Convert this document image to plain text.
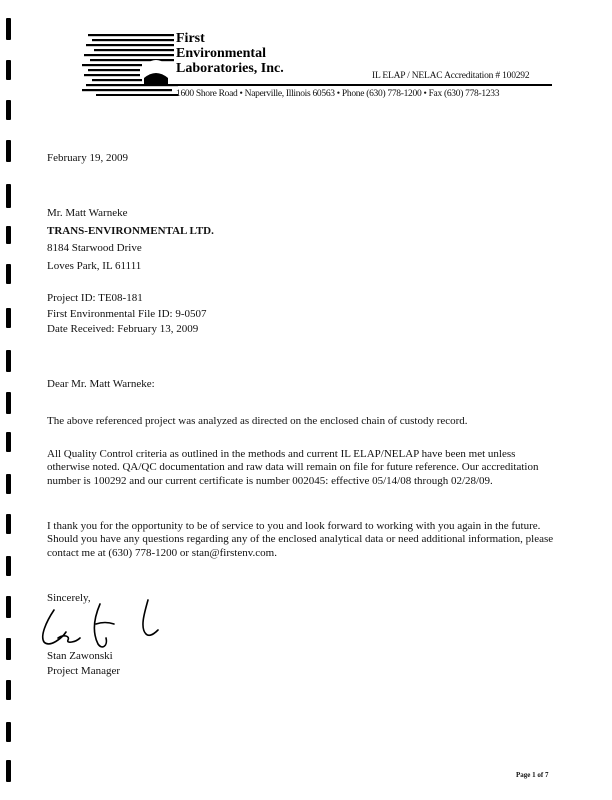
First
Environmental
Laboratories, Inc.	IL ELAP / NELAC Accreditation # 100292
1600 Shore Road • Naperville, Illinois 60563 • Phone (630) 778-1200 • Fax (630) 778-1233
February 19, 2009
Mr. Matt Warneke
TRANS-ENVIRONMENTAL LTD.
8184 Starwood Drive
Loves Park, IL 61111
Project ID: TE08-181
First Environmental File ID: 9-0507
Date Received: February 13, 2009
Dear Mr. Matt Warneke:
The above referenced project was analyzed as directed on the enclosed chain of custody record.
All Quality Control criteria as outlined in the methods and current IL ELAP/NELAP have been met unless otherwise noted. QA/QC documentation and raw data will remain on file for future reference. Our accreditation number is 100292 and our current certificate is number 002045: effective 05/14/08 through 02/28/09.
I thank you for the opportunity to be of service to you and look forward to working with you again in the future. Should you have any questions regarding any of the enclosed analytical data or need additional information, please contact me at (630) 778-1200 or stan@firstenv.com.
Sincerely,
Stan Zawonski
Project Manager
Page 1 of 7
